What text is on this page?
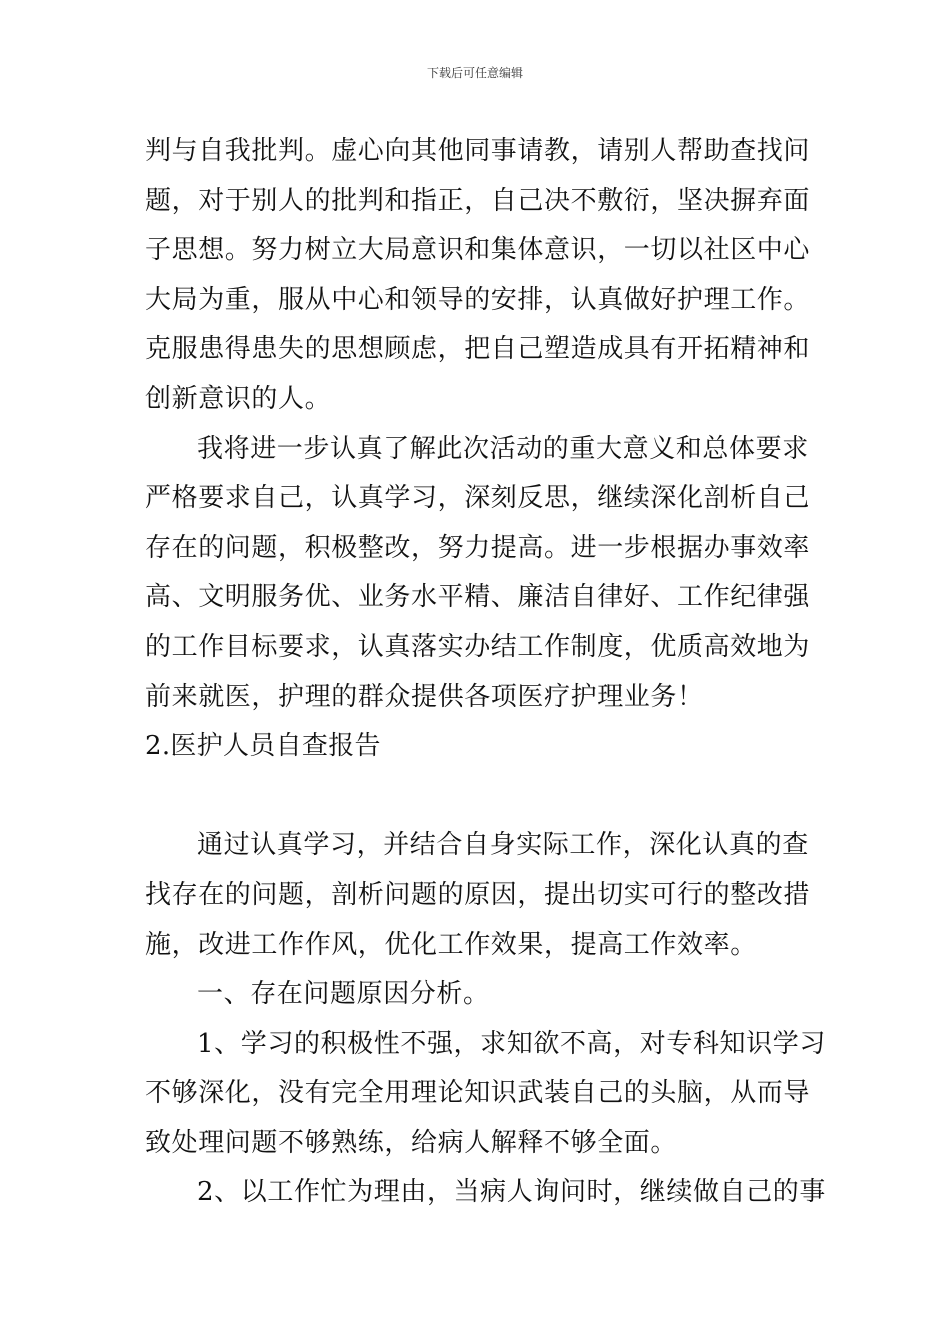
下载后可任意编辑
判与自我批判。虚心向其他同事请教，请别人帮助查找问
题，对于别人的批判和指正，自己决不敷衍，坚决摒弃面
子思想。努力树立大局意识和集体意识，一切以社区中心
大局为重，服从中心和领导的安排，认真做好护理工作。
克服患得患失的思想顾虑，把自己塑造成具有开拓精神和
创新意识的人。
我将进一步认真了解此次活动的重大意义和总体要求
严格要求自己，认真学习，深刻反思，继续深化剖析自己
存在的问题，积极整改，努力提高。进一步根据办事效率
高、文明服务优、业务水平精、廉洁自律好、工作纪律强
的工作目标要求，认真落实办结工作制度，优质高效地为
前来就医，护理的群众提供各项医疗护理业务！
2.医护人员自查报告
通过认真学习，并结合自身实际工作，深化认真的查
找存在的问题，剖析问题的原因，提出切实可行的整改措
施，改进工作作风，优化工作效果，提高工作效率。
一、存在问题原因分析。
1、学习的积极性不强，求知欲不高，对专科知识学习
不够深化，没有完全用理论知识武装自己的头脑，从而导
致处理问题不够熟练，给病人解释不够全面。
2、以工作忙为理由，当病人询问时，继续做自己的事
